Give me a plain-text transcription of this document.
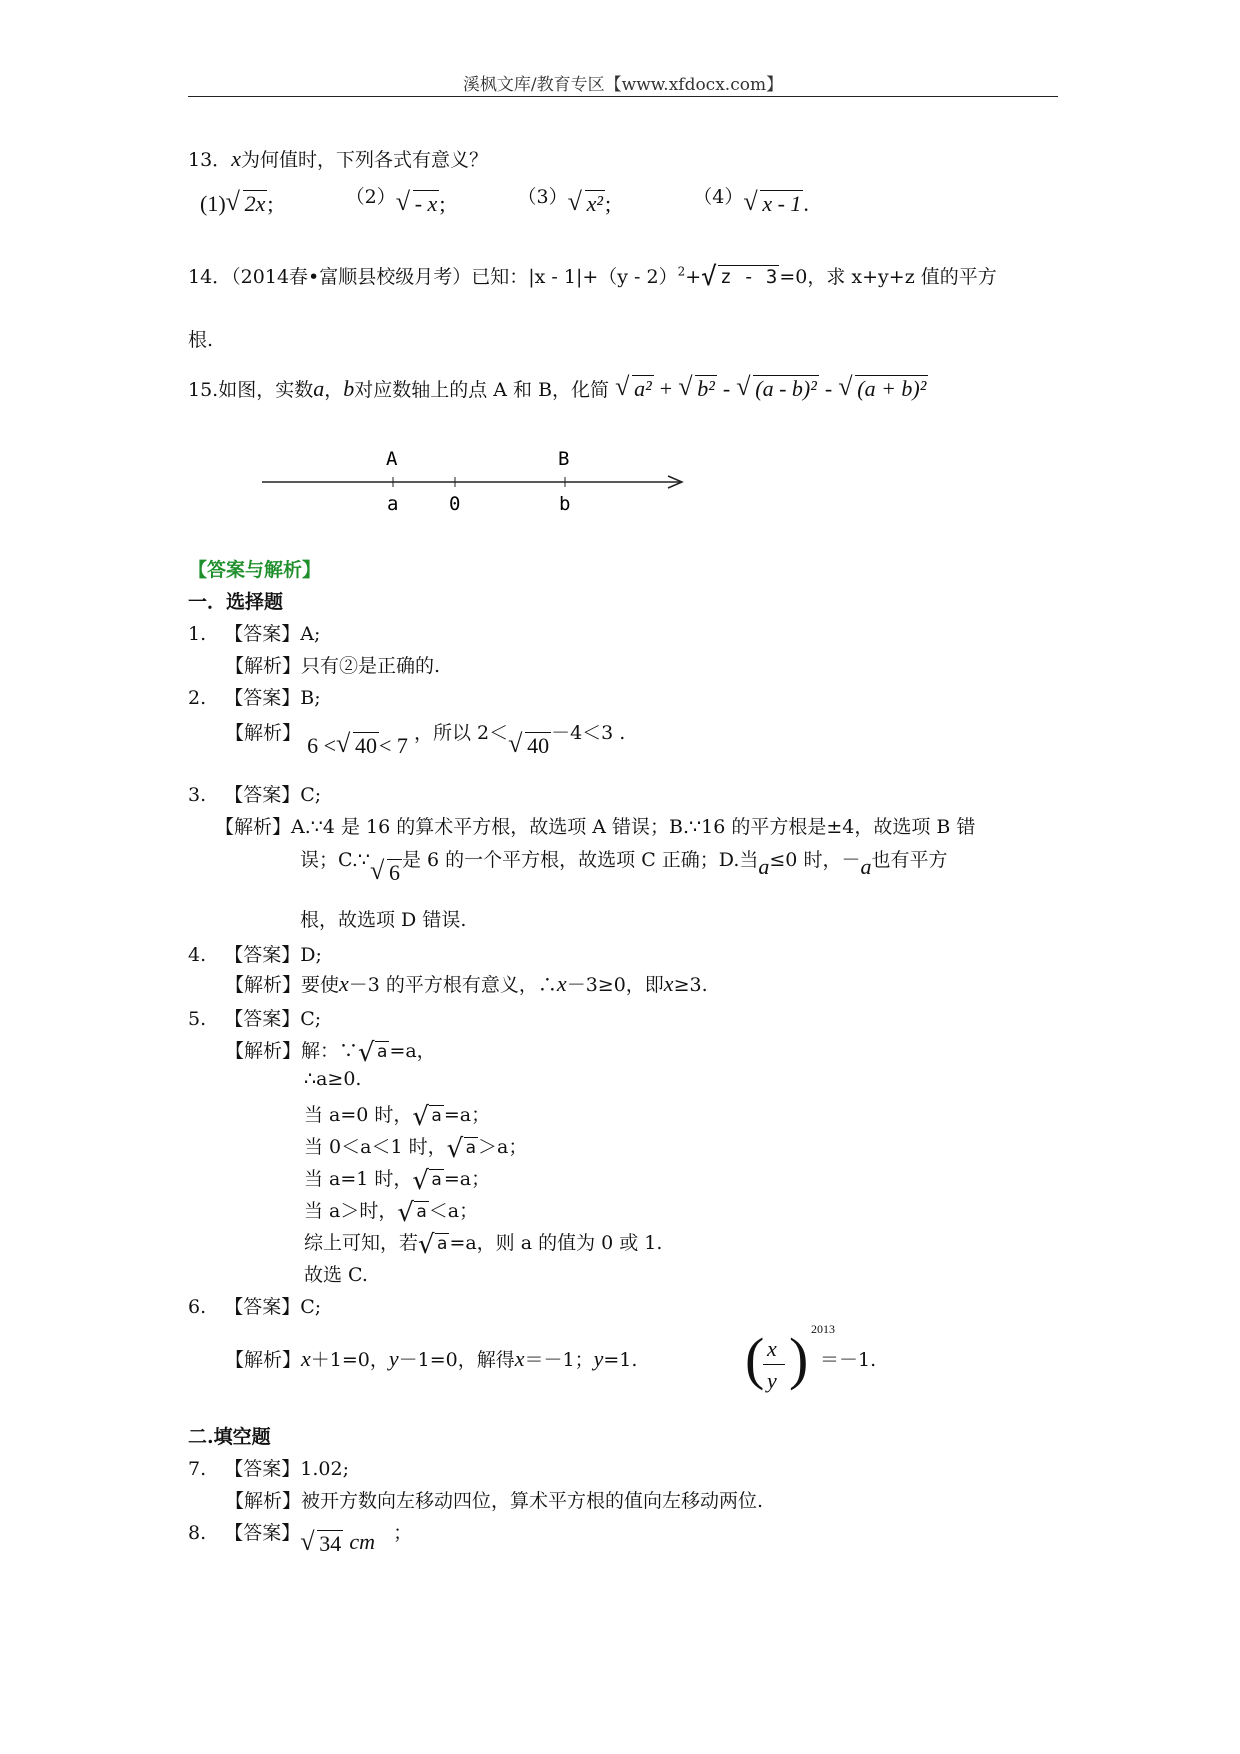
溪枫文库/教育专区【www.xfdocx.com】
13．x为何值时，下列各式有意义？
(1) √ 2x;	（2） √ - x;	（3） √ x²;	（4） √ x - 1.
14．（2014春•富顺县校级月考）已知：|x - 1|+（y - 2）$^2$+ √ z - 3 =0，求 x+y+z 值的平方
根.
15.如图，实数a，b对应数轴上的点 A 和 B，化简 √ a² + √ b² - √ (a - b)² - √ (a + b)²
A	B
a	0	b
【答案与解析】
一．选择题
1. 【答案】A;
【解析】只有②是正确的.
2. 【答案】B;
【解析】 6 < √ 40< 7 ，所以 2＜ √ 40 －4＜3 .
3. 【答案】C;
【解析】A.∵4 是 16 的算术平方根，故选项 A 错误；B.∵16 的平方根是±4，故选项 B 错
误；C.∵ √ 6 是 6 的一个平方根，故选项 C 正确；D.当a≤0 时，－a也有平方
根，故选项 D 错误.
4. 【答案】D;
【解析】要使x－3 的平方根有意义，∴x－3≥0，即x≥3.
5. 【答案】C;
【解析】解：∵ √ a =a，
∴a≥0.
当 a=0 时， √ a =a；
当 0＜a＜1 时， √ a ＞a；
当 a=1 时， √ a =a；
当 a＞时， √ a ＜a；
综上可知，若 √ a =a，则 a 的值为 0 或 1.
故选 C.
6. 【答案】C;
【解析】x＋1=0，y－1=0，解得x＝－1；y=1. ( x
y ) 2013
＝－1.
二.填空题
7. 【答案】1.02;
【解析】被开方数向左移动四位，算术平方根的值向左移动两位.
8. 【答案】 √ 34 cm ；
